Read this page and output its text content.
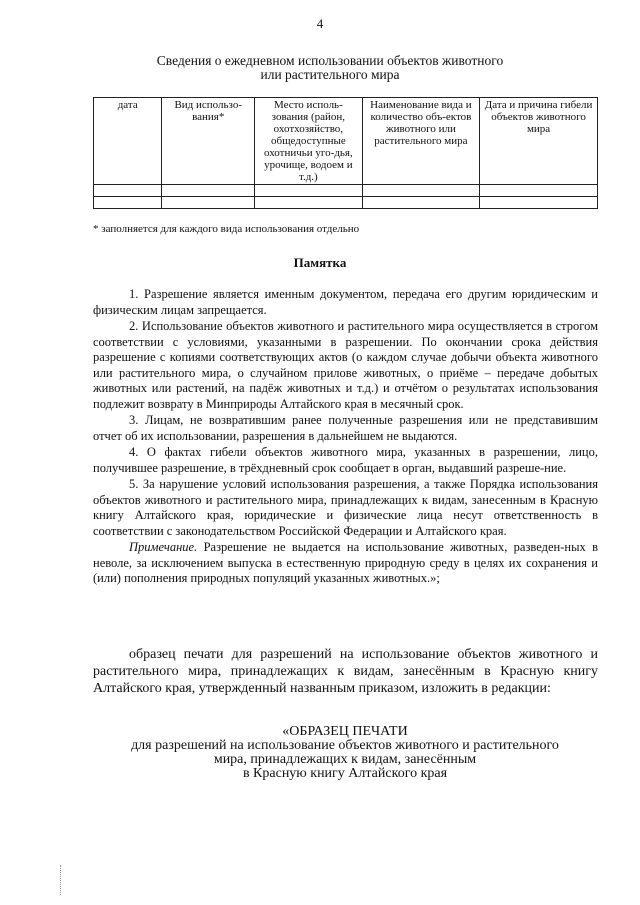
4
Сведения о ежедневном использовании объектов животного
или растительного мира
дата	Вид использо-вания*	Место исполь-зования (район, охотхозяйство, общедоступные охотничьи уго-дья, урочище, водоем и т.д.)	Наименование вида и количество объ-ектов животного или растительного мира	Дата и причина гибели объектов животного мира

* заполняется для каждого вида использования отдельно
Памятка

1. Разрешение является именным документом, передача его другим юридическим и физическим лицам запрещается.

2. Использование объектов животного и растительного мира осуществляется в строгом соответствии с условиями, указанными в разрешении. По окончании срока действия разрешение с копиями соответствующих актов (о каждом случае добычи объекта животного или растительного мира, о случайном прилове животных, о приёме – передаче добытых животных или растений, на падёж животных и т.д.) и отчётом о результатах использования подлежит возврату в Минприроды Алтайского края в месячный срок.

3. Лицам, не возвратившим ранее полученные разрешения или не представившим отчет об их использовании, разрешения в дальнейшем не выдаются.

4. О фактах гибели объектов животного мира, указанных в разрешении, лицо, получившее разрешение, в трёхдневный срок сообщает в орган, выдавший разреше-ние.

5. За нарушение условий использования разрешения, а также Порядка использования объектов животного и растительного мира, принадлежащих к видам, занесенным в Красную книгу Алтайского края, юридические и физические лица несут ответственность в соответствии с законодательством Российской Федерации и Алтайского края.

Примечание. Разрешение не выдается на использование животных, разведен-ных в неволе, за исключением выпуска в естественную природную среду в целях их сохранения и (или) пополнения природных популяций указанных животных.»;

образец печати для разрешений на использование объектов животного и растительного мира, принадлежащих к видам, занесённым в Красную книгу Алтайского края, утвержденный названным приказом, изложить в редакции:

«ОБРАЗЕЦ ПЕЧАТИ
для разрешений на использование объектов животного и растительного
мира, принадлежащих к видам, занесённым
в Красную книгу Алтайского края
